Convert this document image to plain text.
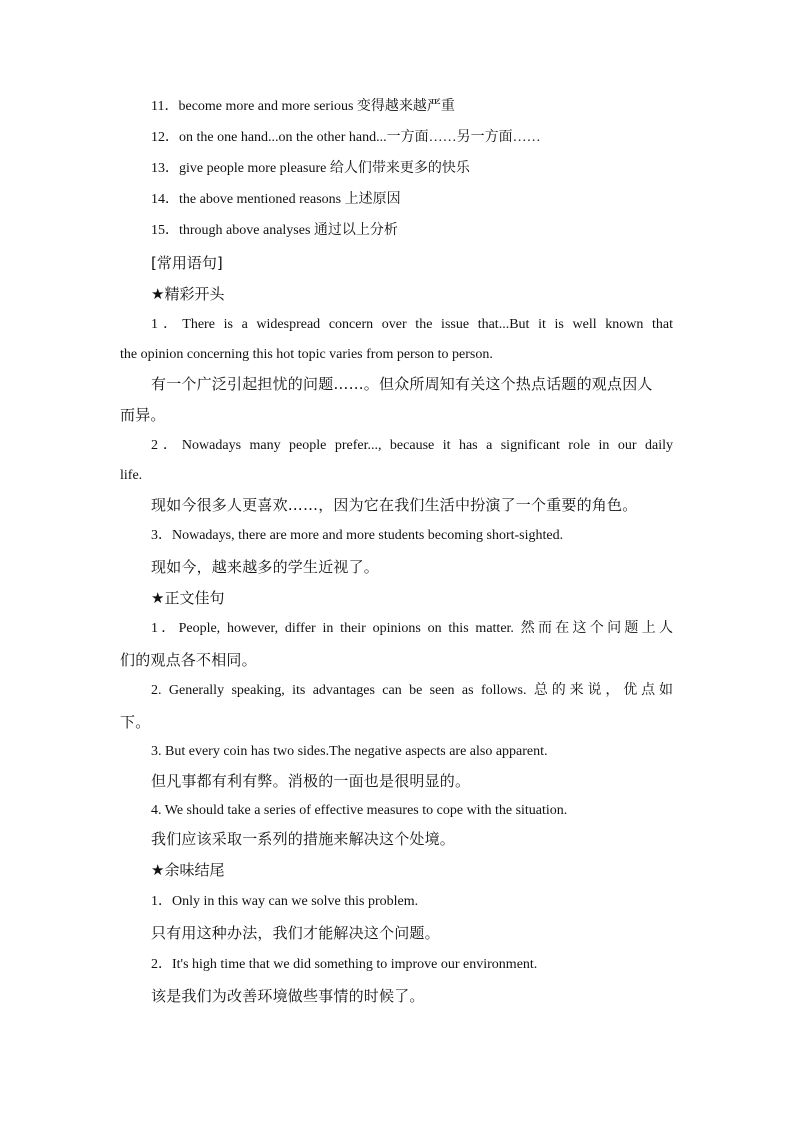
11．become more and more serious 变得越来越严重
12．on the one hand...on the other hand...一方面……另一方面……
13．give people more pleasure 给人们带来更多的快乐
14．the above mentioned reasons 上述原因
15．through above analyses 通过以上分析
[常用语句]
★精彩开头
1．There is a widespread concern over the issue that...But it is well known that
the opinion concerning this hot topic varies from person to person.
有一个广泛引起担忧的问题……。但众所周知有关这个热点话题的观点因人
而异。
2．Nowadays many people prefer..., because it has a significant role in our daily
life.
现如今很多人更喜欢……，因为它在我们生活中扮演了一个重要的角色。
3．Nowadays, there are more and more students becoming short-sighted.
现如今，越来越多的学生近视了。
★正文佳句
1．People, however, differ in their opinions on this matter. 然而在这个问题上人
们的观点各不相同。
2. Generally speaking, its advantages can be seen as follows. 总的来说，优点如
下。
3. But every coin has two sides.The negative aspects are also apparent.
但凡事都有利有弊。消极的一面也是很明显的。
4. We should take a series of effective measures to cope with the situation.
我们应该采取一系列的措施来解决这个处境。
★余味结尾
1．Only in this way can we solve this problem.
只有用这种办法，我们才能解决这个问题。
2．It's high time that we did something to improve our environment.
该是我们为改善环境做些事情的时候了。
